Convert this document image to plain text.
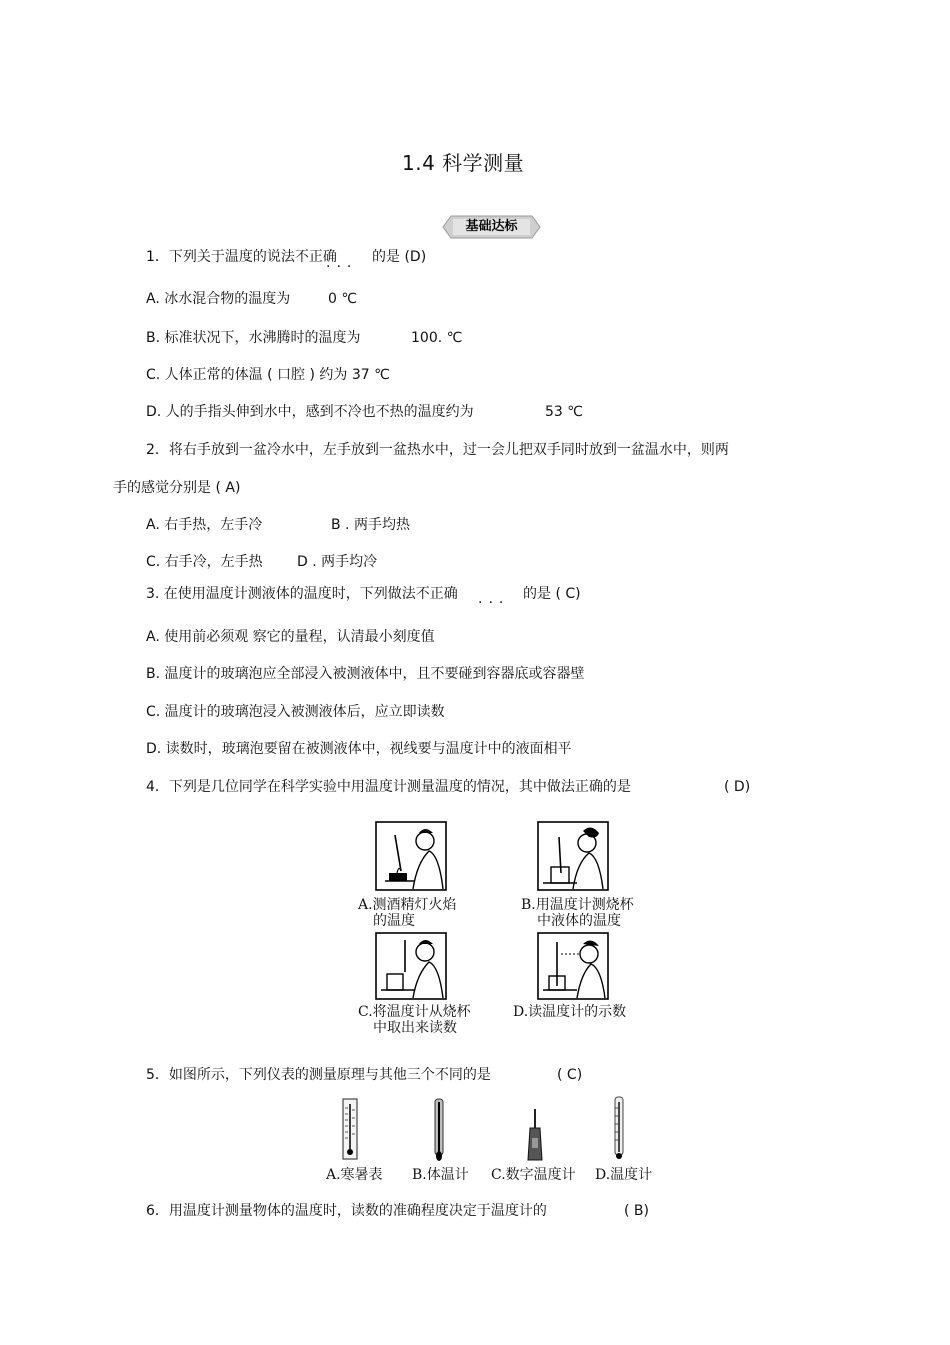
1.4 科学测量
基础达标
1．下列关于温度的说法不正确
···
的是 (D)
A. 冰水混合物的温度为	0 ℃
B. 标准状况下，水沸腾时的温度为	100. ℃
C. 人体正常的体温 ( 口腔 ) 约为 37 ℃
D. 人的手指头伸到水中，感到不冷也不热的温度约为	53 ℃
2．将右手放到一盆冷水中，左手放到一盆热水中，过一会儿把双手同时放到一盆温水中，则两
手的感觉分别是 ( A)
A. 右手热，左手冷	B . 两手均热
C. 右手冷，左手热 D . 两手均冷
3. 在使用温度计测液体的温度时，下列做法不正确
···
的是 ( C)
A. 使用前必须观 察它的量程，认清最小刻度值
B. 温度计的玻璃泡应全部浸入被测液体中，且不要碰到容器底或容器壁
C. 温度计的玻璃泡浸入被测液体后，应立即读数
D. 读数时，玻璃泡要留在被测液体中，视线要与温度计中的液面相平
4．下列是几位同学在科学实验中用温度计测量温度的情况，其中做法正确的是	( D)
A.测酒精灯火焰
的温度
B.用温度计测烧杯
中液体的温度
C.将温度计从烧杯
中取出来读数
D.读温度计的示数
5．如图所示，下列仪表的测量原理与其他三个不同的是	( C)
A.寒暑表 B.体温计 C.数字温度计 D.温度计
6．用温度计测量物体的温度时，读数的准确程度决定于温度计的	( B)
